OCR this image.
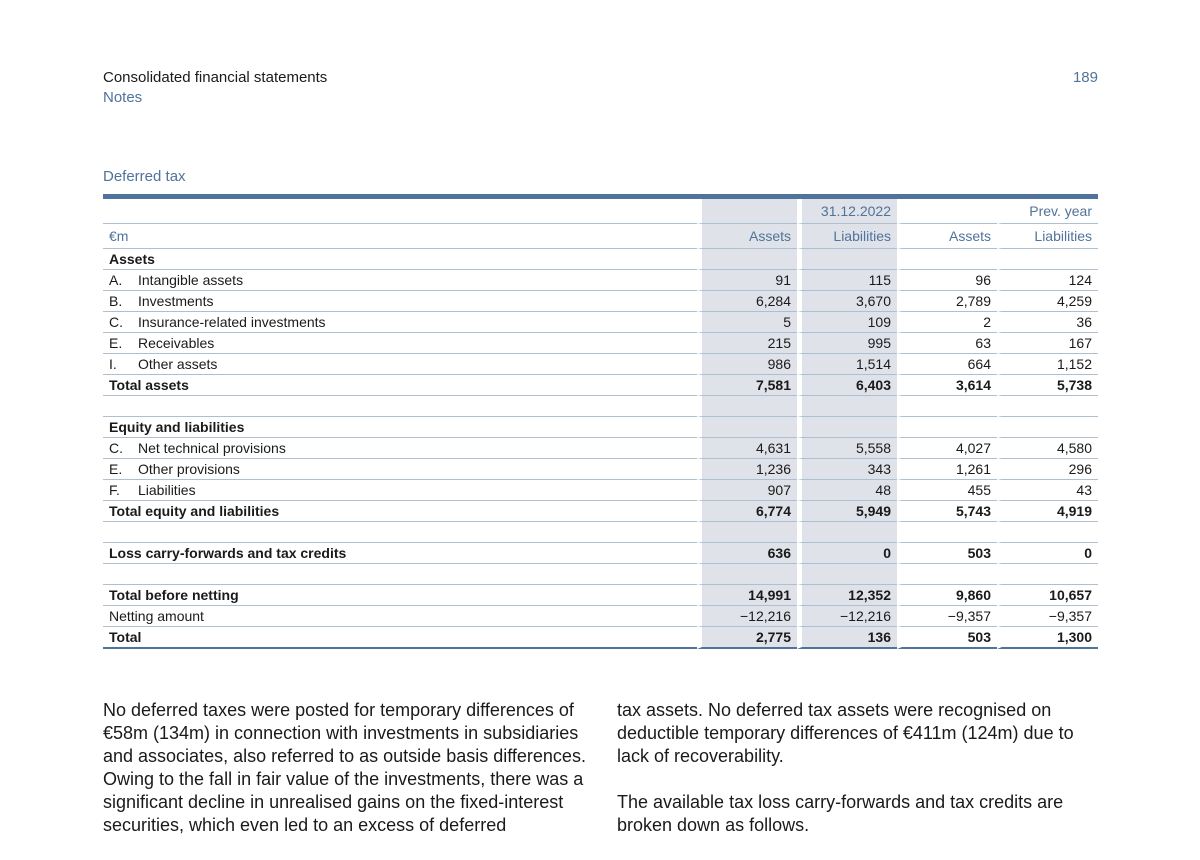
Consolidated financial statements
Notes
189
Deferred tax

		31.12.2022		Prev. year
€m	Assets	Liabilities	Assets	Liabilities
Assets				
A. Intangible assets	91	115	96	124
B. Investments	6,284	3,670	2,789	4,259
C. Insurance-related investments	5	109	2	36
E. Receivables	215	995	63	167
I. Other assets	986	1,514	664	1,152
Total assets	7,581	6,403	3,614	5,738

Equity and liabilities				
C. Net technical provisions	4,631	5,558	4,027	4,580
E. Other provisions	1,236	343	1,261	296
F. Liabilities	907	48	455	43
Total equity and liabilities	6,774	5,949	5,743	4,919

Loss carry-forwards and tax credits	636	0	503	0

Total before netting	14,991	12,352	9,860	10,657
Netting amount	−12,216	−12,216	−9,357	−9,357
Total	2,775	136	503	1,300

No deferred taxes were posted for temporary differences of €58m (134m) in connection with investments in subsidiaries and associates, also referred to as outside basis differences. Owing to the fall in fair value of the investments, there was a significant decline in unrealised gains on the fixed-interest securities, which even led to an excess of deferred

tax assets. No deferred tax assets were recognised on deductible temporary differences of €411m (124m) due to lack of recoverability.

The available tax loss carry-forwards and tax credits are broken down as follows.
